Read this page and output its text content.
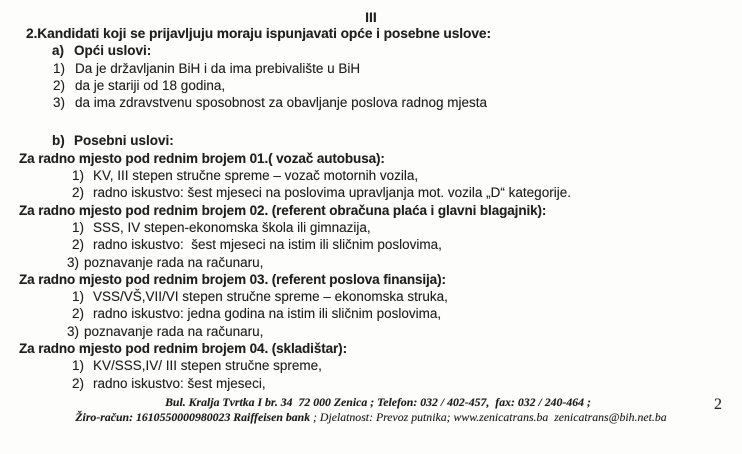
III
2.Kandidati koji se prijavljuju moraju ispunjavati opće i posebne uslove:
a) Opći uslovi:
1) Da je državljanin BiH i da ima prebivalište u BiH
2) da je stariji od 18 godina,
3) da ima zdravstvenu sposobnost za obavljanje poslova radnog mjesta
b) Posebni uslovi:
Za radno mjesto pod rednim brojem 01.( vozač autobusa):
1) KV, III stepen stručne spreme – vozač motornih vozila,
2) radno iskustvo: šest mjeseci na poslovima upravljanja mot. vozila „D“ kategorije.
Za radno mjesto pod rednim brojem 02. (referent obračuna plaća i glavni blagajnik):
1) SSS, IV stepen-ekonomska škola ili gimnazija,
2) radno iskustvo:  šest mjeseci na istim ili sličnim poslovima,
3) poznavanje rada na računaru,
Za radno mjesto pod rednim brojem 03. (referent poslova finansija):
1) VSS/VŠ,VII/VI stepen stručne spreme – ekonomska struka,
2) radno iskustvo: jedna godina na istim ili sličnim poslovima,
3) poznavanje rada na računaru,
Za radno mjesto pod rednim brojem 04. (skladištar):
1) KV/SSS,IV/ III stepen stručne spreme,
2) radno iskustvo: šest mjeseci,
Bul. Kralja Tvrtka I br. 34  72 000 Zenica ; Telefon: 032 / 402-457,  fax: 032 / 240-464 ;
Žiro-račun: 1610550000980023 Raiffeisen bank ; Djelatnost: Prevoz putnika; www.zenicatrans.ba  zenicatrans@bih.net.ba
2
